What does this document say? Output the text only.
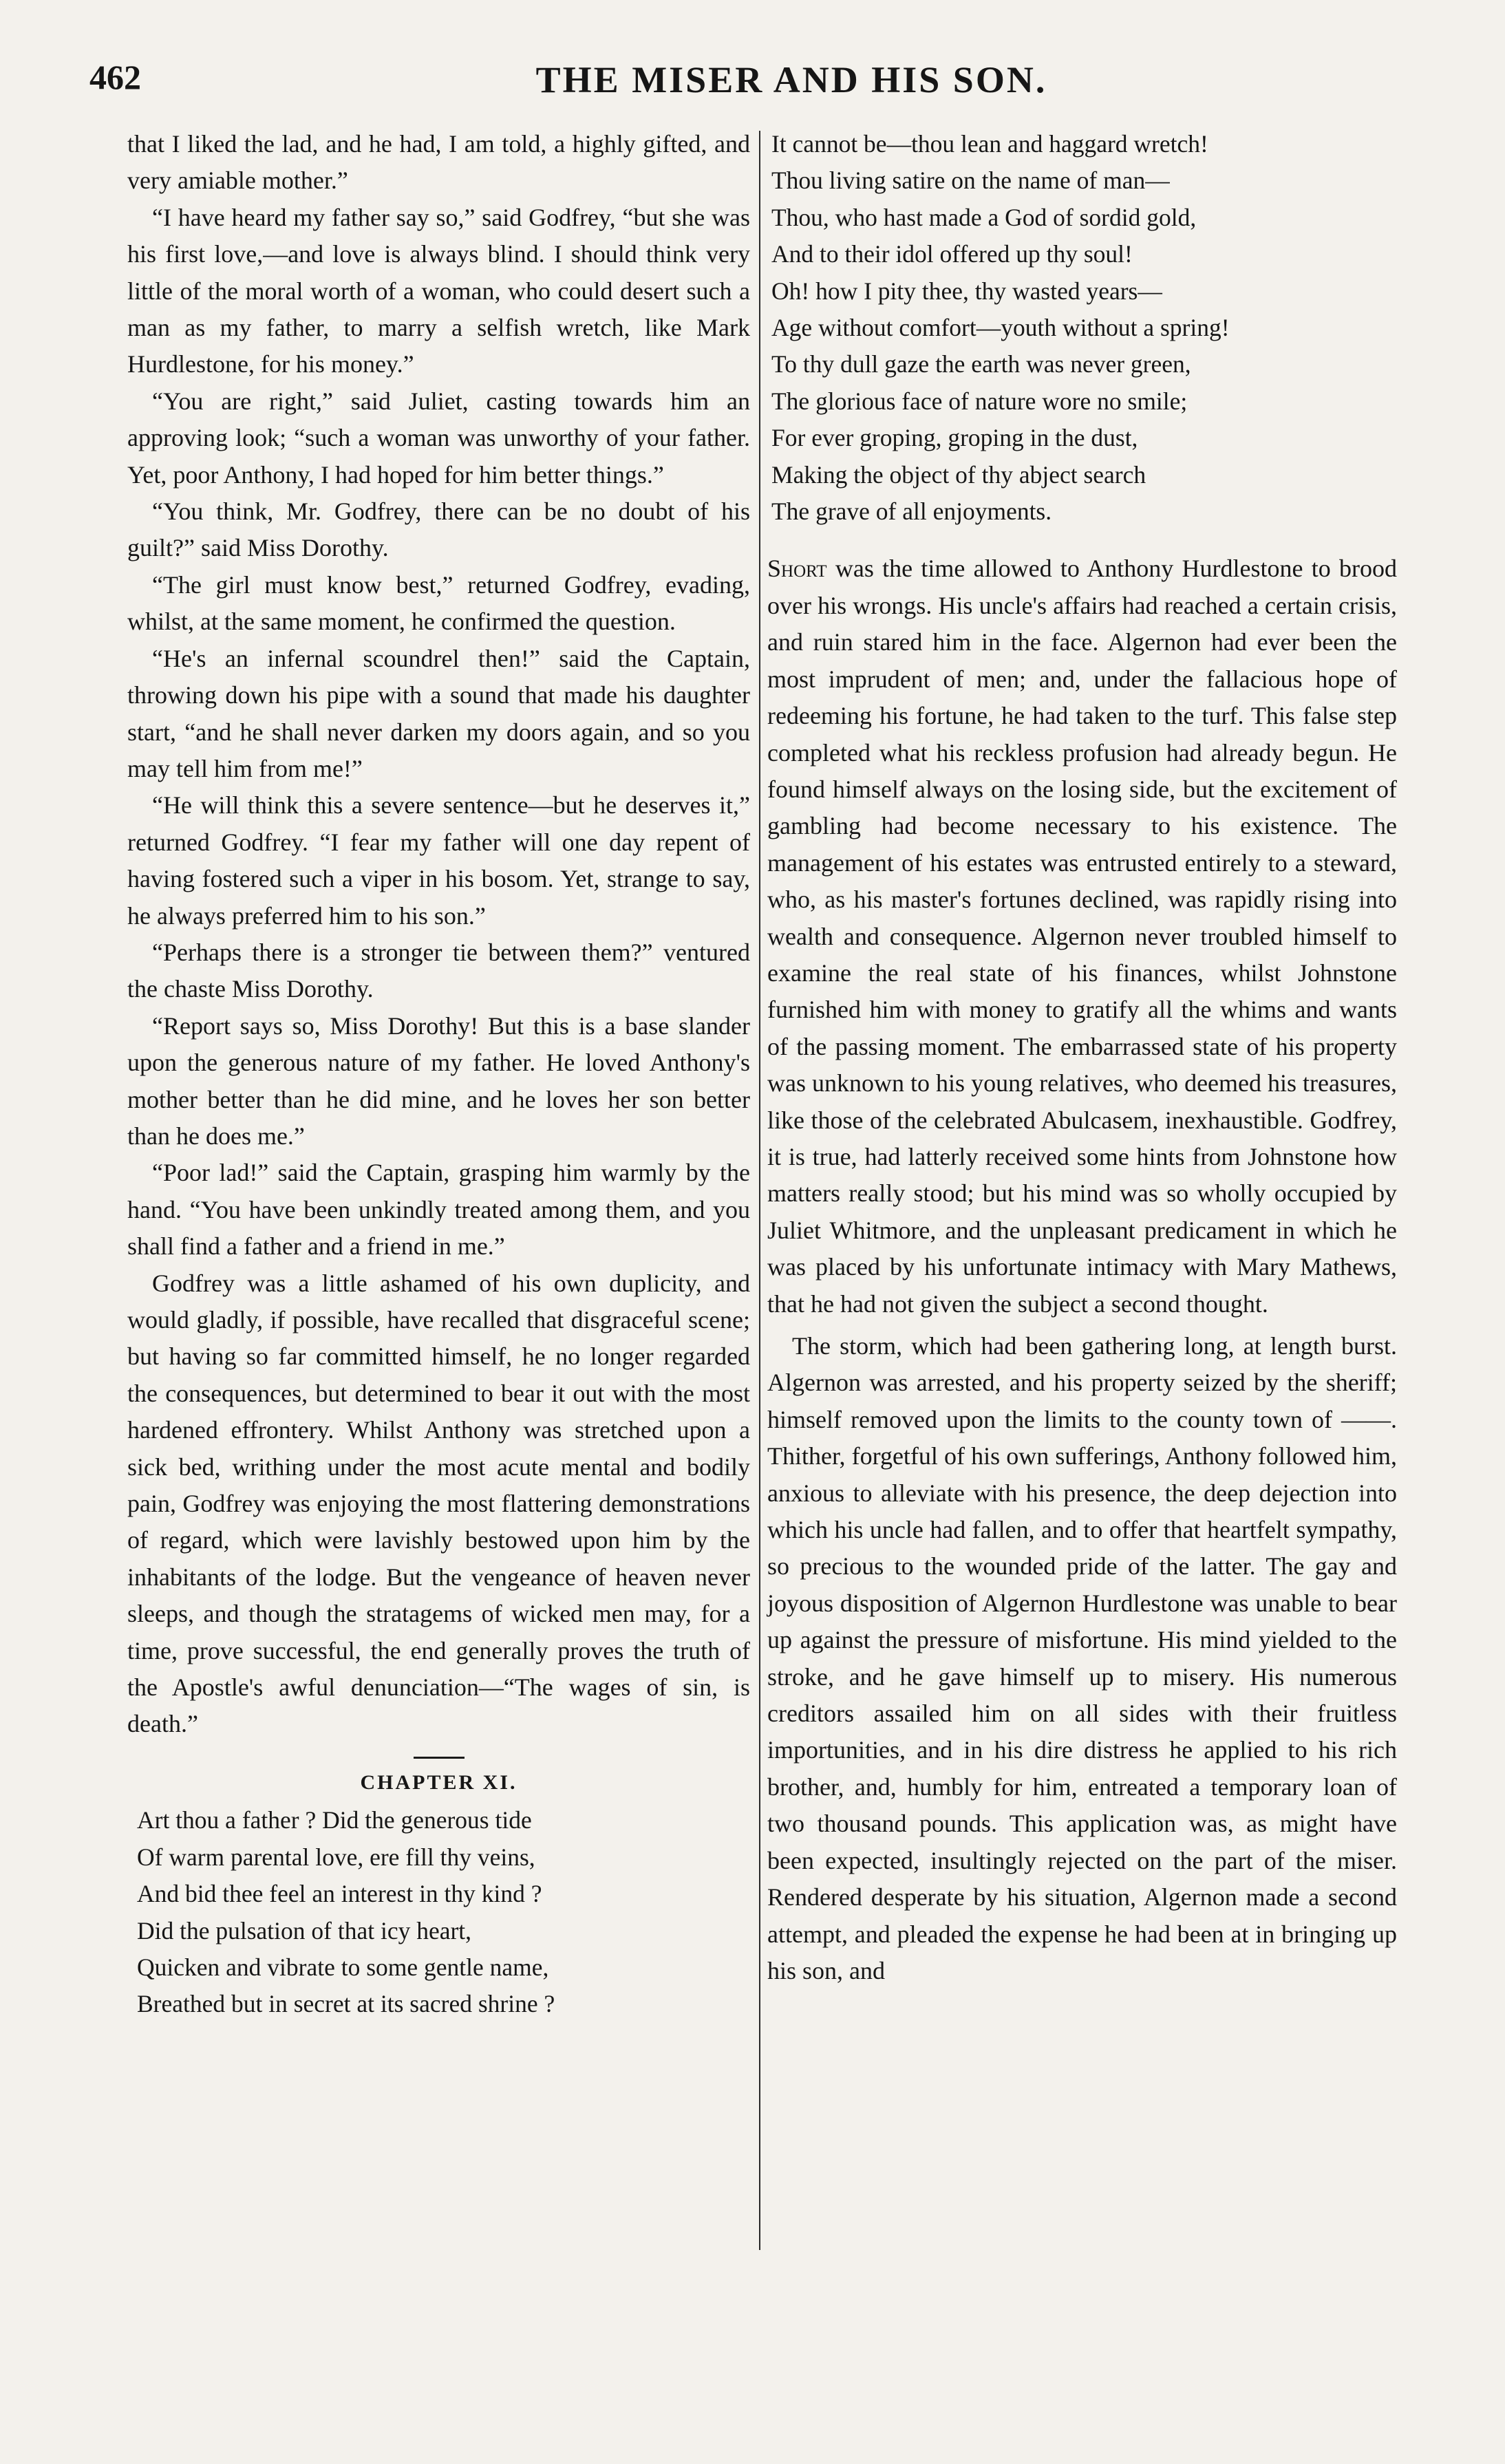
462	THE MISER AND HIS SON.

that I liked the lad, and he had, I am told, a highly gifted, and very amiable mother.”

“I have heard my father say so,” said Godfrey, “but she was his first love,—and love is always blind. I should think very little of the moral worth of a woman, who could desert such a man as my father, to marry a selfish wretch, like Mark Hurdlestone, for his money.”

“You are right,” said Juliet, casting towards him an approving look; “such a woman was unworthy of your father. Yet, poor Anthony, I had hoped for him better things.”

“You think, Mr. Godfrey, there can be no doubt of his guilt?” said Miss Dorothy.

“The girl must know best,” returned Godfrey, evading, whilst, at the same moment, he confirmed the question.

“He's an infernal scoundrel then!” said the Captain, throwing down his pipe with a sound that made his daughter start, “and he shall never darken my doors again, and so you may tell him from me!”

“He will think this a severe sentence—but he deserves it,” returned Godfrey. “I fear my father will one day repent of having fostered such a viper in his bosom. Yet, strange to say, he always preferred him to his son.”

“Perhaps there is a stronger tie between them?” ventured the chaste Miss Dorothy.

“Report says so, Miss Dorothy! But this is a base slander upon the generous nature of my father. He loved Anthony's mother better than he did mine, and he loves her son better than he does me.”

“Poor lad!” said the Captain, grasping him warmly by the hand. “You have been unkindly treated among them, and you shall find a father and a friend in me.”

Godfrey was a little ashamed of his own duplicity, and would gladly, if possible, have recalled that disgraceful scene; but having so far committed himself, he no longer regarded the consequences, but determined to bear it out with the most hardened effrontery. Whilst Anthony was stretched upon a sick bed, writhing under the most acute mental and bodily pain, Godfrey was enjoying the most flattering demonstrations of regard, which were lavishly bestowed upon him by the inhabitants of the lodge. But the vengeance of heaven never sleeps, and though the stratagems of wicked men may, for a time, prove successful, the end generally proves the truth of the Apostle's awful denunciation—“The wages of sin, is death.”

CHAPTER XI.

Art thou a father ? Did the generous tide
Of warm parental love, ere fill thy veins,
And bid thee feel an interest in thy kind ?
Did the pulsation of that icy heart,
Quicken and vibrate to some gentle name,
Breathed but in secret at its sacred shrine ?
It cannot be—thou lean and haggard wretch!
Thou living satire on the name of man—
Thou, who hast made a God of sordid gold,
And to their idol offered up thy soul!
Oh! how I pity thee, thy wasted years—
Age without comfort—youth without a spring!
To thy dull gaze the earth was never green,
The glorious face of nature wore no smile;
For ever groping, groping in the dust,
Making the object of thy abject search
The grave of all enjoyments.

Short was the time allowed to Anthony Hurdlestone to brood over his wrongs. His uncle's affairs had reached a certain crisis, and ruin stared him in the face. Algernon had ever been the most imprudent of men; and, under the fallacious hope of redeeming his fortune, he had taken to the turf. This false step completed what his reckless profusion had already begun. He found himself always on the losing side, but the excitement of gambling had become necessary to his existence. The management of his estates was entrusted entirely to a steward, who, as his master's fortunes declined, was rapidly rising into wealth and consequence. Algernon never troubled himself to examine the real state of his finances, whilst Johnstone furnished him with money to gratify all the whims and wants of the passing moment. The embarrassed state of his property was unknown to his young relatives, who deemed his treasures, like those of the celebrated Abulcasem, inexhaustible. Godfrey, it is true, had latterly received some hints from Johnstone how matters really stood; but his mind was so wholly occupied by Juliet Whitmore, and the unpleasant predicament in which he was placed by his unfortunate intimacy with Mary Mathews, that he had not given the subject a second thought.

The storm, which had been gathering long, at length burst. Algernon was arrested, and his property seized by the sheriff; himself removed upon the limits to the county town of ——. Thither, forgetful of his own sufferings, Anthony followed him, anxious to alleviate with his presence, the deep dejection into which his uncle had fallen, and to offer that heartfelt sympathy, so precious to the wounded pride of the latter. The gay and joyous disposition of Algernon Hurdlestone was unable to bear up against the pressure of misfortune. His mind yielded to the stroke, and he gave himself up to misery. His numerous creditors assailed him on all sides with their fruitless importunities, and in his dire distress he applied to his rich brother, and, humbly for him, entreated a temporary loan of two thousand pounds. This application was, as might have been expected, insultingly rejected on the part of the miser. Rendered desperate by his situation, Algernon made a second attempt, and pleaded the expense he had been at in bringing up his son, and
